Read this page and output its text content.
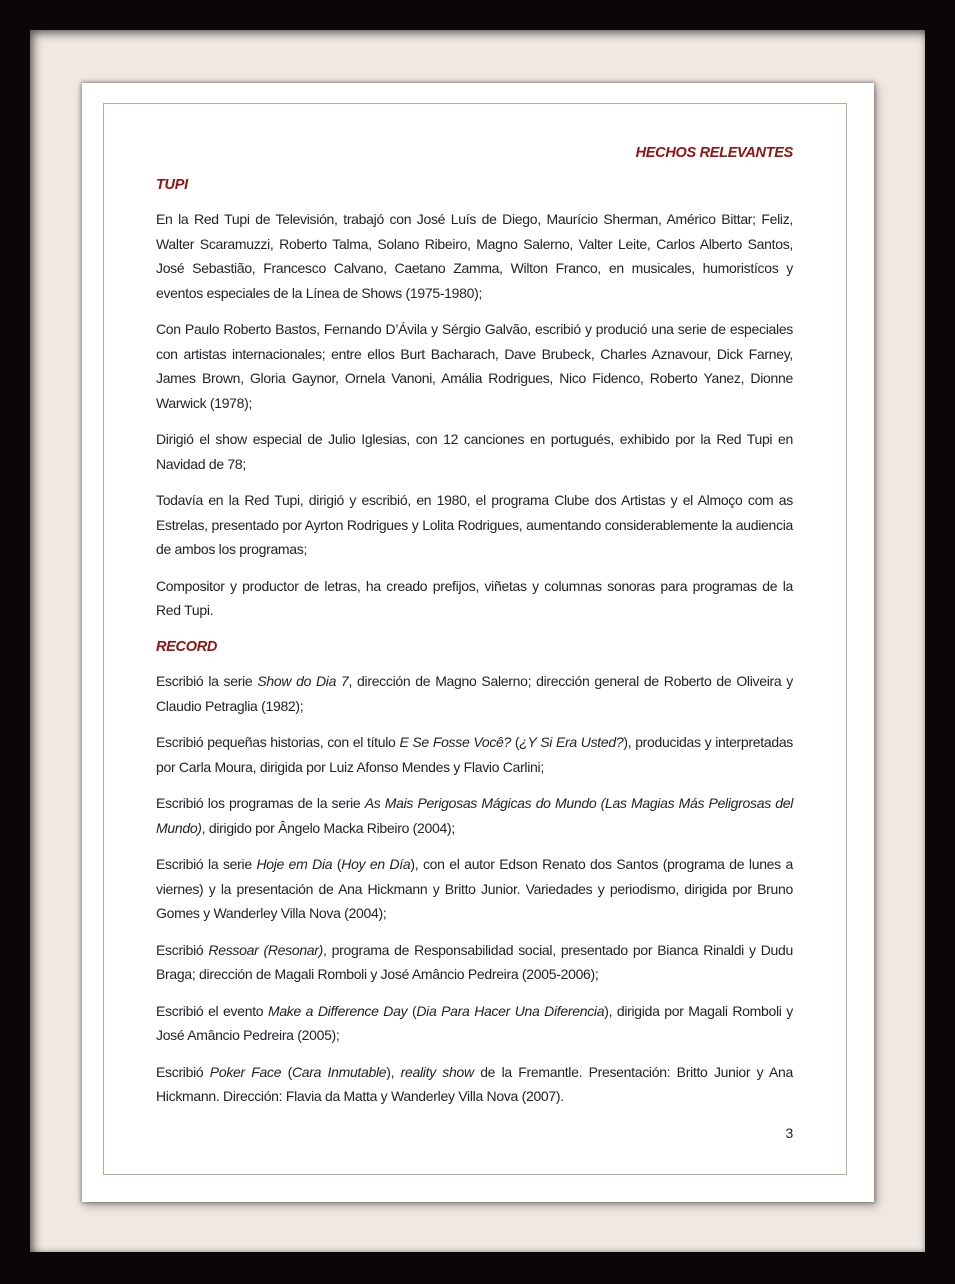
HECHOS RELEVANTES
TUPI

En la Red Tupi de Televisión, trabajó con José Luís de Diego, Maurício Sherman, Américo Bittar; Feliz, Walter Scaramuzzi, Roberto Talma, Solano Ribeiro, Magno Salerno, Valter Leite, Carlos Alberto Santos, José Sebastião, Francesco Calvano, Caetano Zamma, Wilton Franco, en musicales, humoristícos y eventos especiales de la Línea de Shows (1975-1980);

Con Paulo Roberto Bastos, Fernando D’Ávila y Sérgio Galvão, escribió y produció una serie de especiales con artistas internacionales; entre ellos Burt Bacharach, Dave Brubeck, Charles Aznavour, Dick Farney, James Brown, Gloria Gaynor, Ornela Vanoni, Amália Rodrigues, Nico Fidenco, Roberto Yanez, Dionne Warwick (1978);

Dirigió el show especial de Julio Iglesias, con 12 canciones en portugués, exhibido por la Red Tupi en Navidad de 78;

Todavía en la Red Tupi, dirigió y escribió, en 1980, el programa Clube dos Artistas y el Almoço com as Estrelas, presentado por Ayrton Rodrigues y Lolita Rodrigues, aumentando considerablemente la audiencia de ambos los programas;

Compositor y productor de letras, ha creado prefijos, viñetas y columnas sonoras para programas de la Red Tupi.

RECORD

Escribió la serie Show do Dia 7, dirección de Magno Salerno; dirección general de Roberto de Oliveira y Claudio Petraglia (1982);

Escribió pequeñas historias, con el título E Se Fosse Você? (¿Y Si Era Usted?), producidas y interpretadas por Carla Moura, dirigida por Luiz Afonso Mendes y Flavio Carlini;

Escribió los programas de la serie As Mais Perigosas Mágicas do Mundo (Las Magias Más Peligrosas del Mundo), dirigido por Ângelo Macka Ribeiro (2004);

Escribió la serie Hoje em Dia (Hoy en Día), con el autor Edson Renato dos Santos (programa de lunes a viernes) y la presentación de Ana Hickmann y Britto Junior. Variedades y periodismo, dirigida por Bruno Gomes y Wanderley Villa Nova (2004);

Escribió Ressoar (Resonar), programa de Responsabilidad social, presentado por Bianca Rinaldi y Dudu Braga; dirección de Magali Romboli y José Amâncio Pedreira (2005-2006);

Escribió el evento Make a Difference Day (Dia Para Hacer Una Diferencia), dirigida por Magali Romboli y José Amâncio Pedreira (2005);

Escribió Poker Face (Cara Inmutable), reality show de la Fremantle. Presentación: Britto Junior y Ana Hickmann. Dirección: Flavia da Matta y Wanderley Villa Nova (2007).

3
